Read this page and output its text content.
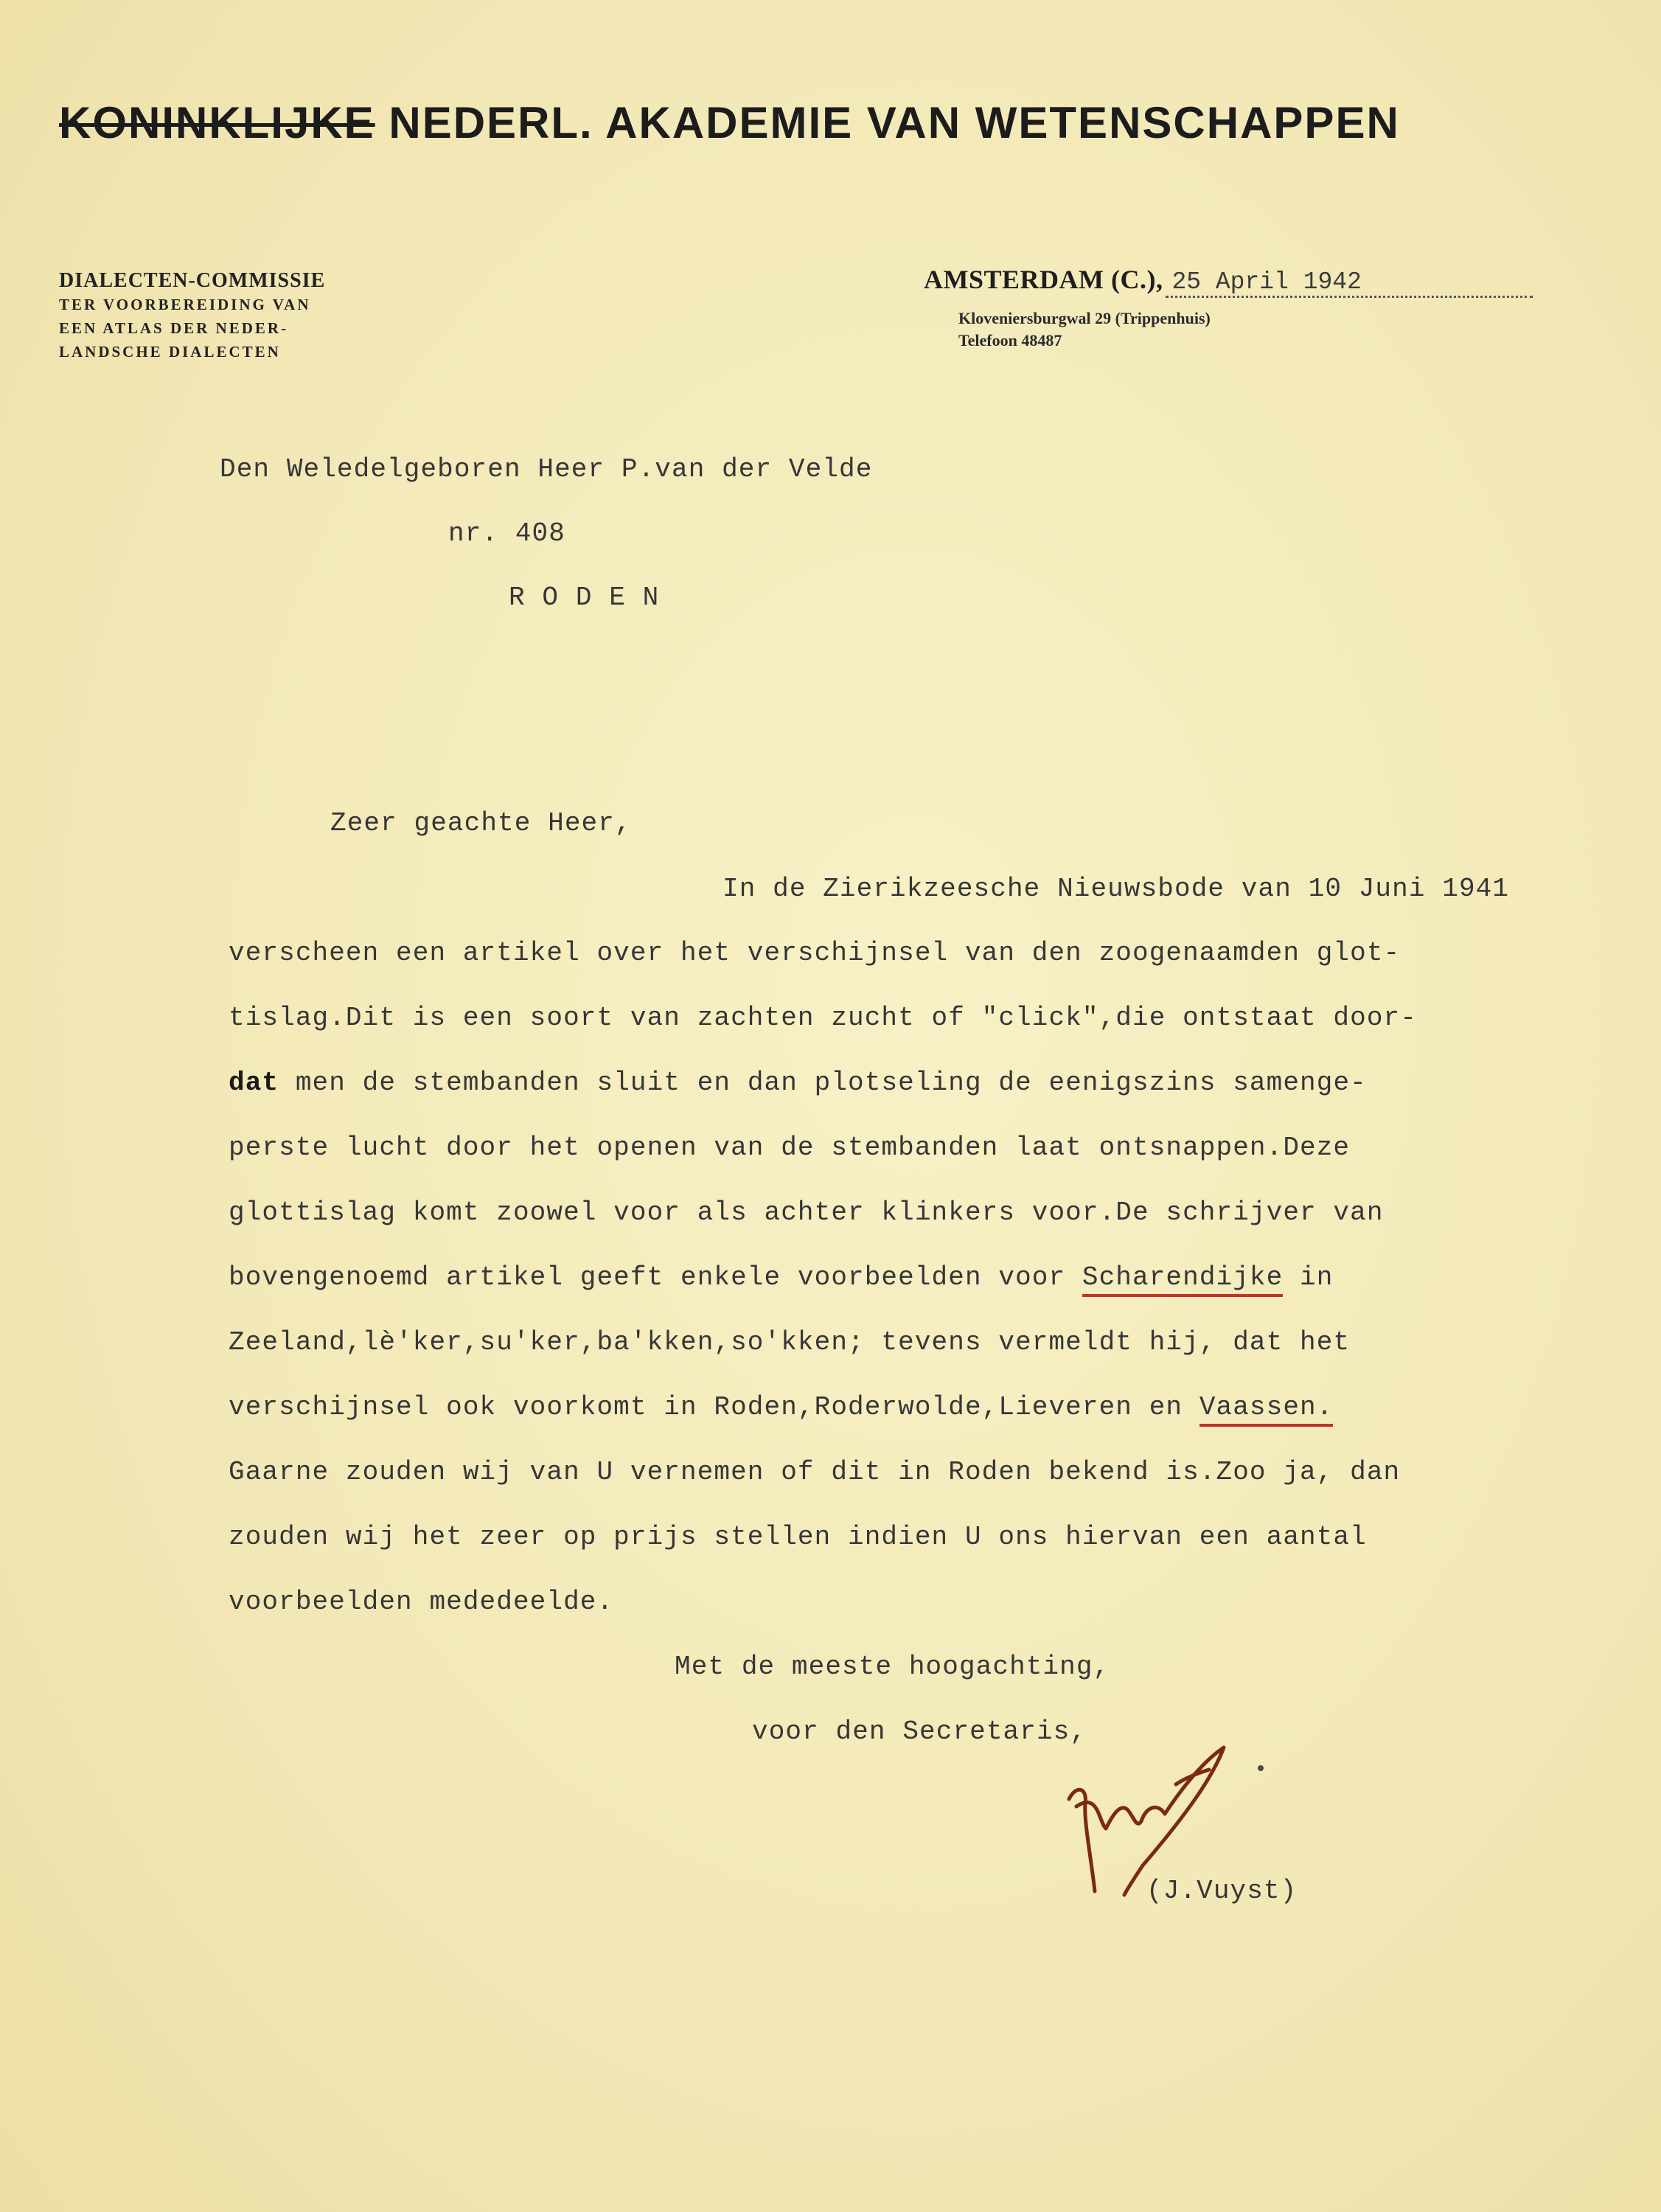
KONINKLIJKE NEDERL. AKADEMIE VAN WETENSCHAPPEN
DIALECTEN-COMMISSIE
TER VOORBEREIDING VAN
EEN ATLAS DER NEDER-
LANDSCHE DIALECTEN
AMSTERDAM (C.), 25 April 1942
Kloveniersburgwal 29 (Trippenhuis)
Telefoon 48487
Den Weledelgeboren Heer P.van der Velde
nr. 408
R O D E N
Zeer geachte Heer,
In de Zierikzeesche Nieuwsbode van 10 Juni 1941
verscheen een artikel over het verschijnsel van den zoogenaamden glot-
tislag.Dit is een soort van zachten zucht of "click",die ontstaat door-
dat men de stembanden sluit en dan plotseling de eenigszins samenge-
perste lucht door het openen van de stembanden laat ontsnappen.Deze
glottislag komt zoowel voor als achter klinkers voor.De schrijver van
bovengenoemd artikel geeft enkele voorbeelden voor Scharendijke in
Zeeland,lè'ker,su'ker,ba'kken,so'kken; tevens vermeldt hij, dat het
verschijnsel ook voorkomt in Roden,Roderwolde,Lieveren en Vaassen.
Gaarne zouden wij van U vernemen of dit in Roden bekend is.Zoo ja, dan
zouden wij het zeer op prijs stellen indien U ons hiervan een aantal
voorbeelden mededeelde.
Met de meeste hoogachting,
voor den Secretaris,
(J.Vuyst)
